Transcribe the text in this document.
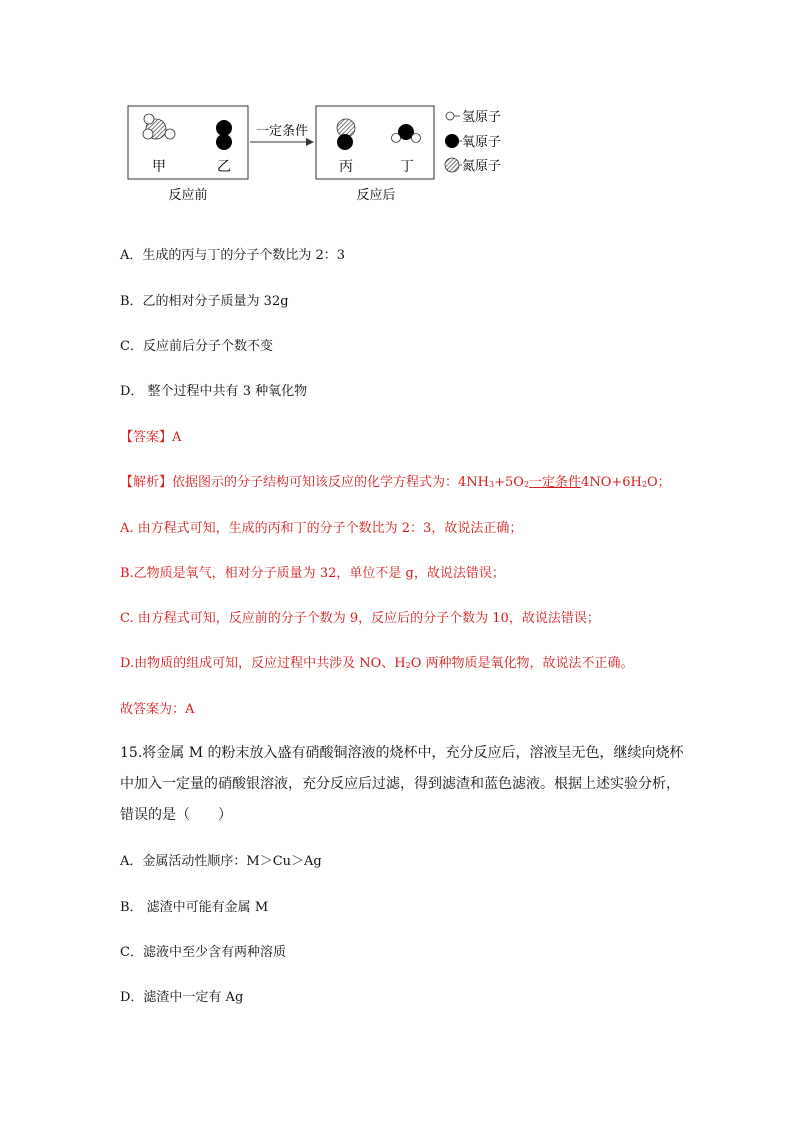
甲	乙
一定条件
丙	丁
反应前	反应后
氢原子
氧原子
氮原子
A．生成的丙与丁的分子个数比为 2：3
B．乙的相对分子质量为 32g
C．反应前后分子个数不变
D． 整个过程中共有 3 种氧化物
【答案】A
【解析】依据图示的分子结构可知该反应的化学方程式为：4NH3+5O2一定条件4NO+6H2O；
A. 由方程式可知，生成的丙和丁的分子个数比为 2：3，故说法正确；
B.乙物质是氧气，相对分子质量为 32，单位不是 g，故说法错误；
C. 由方程式可知，反应前的分子个数为 9，反应后的分子个数为 10，故说法错误；
D.由物质的组成可知，反应过程中共涉及 NO、H2O 两种物质是氧化物，故说法不正确。
故答案为：A
15.将金属 M 的粉末放入盛有硝酸铜溶液的烧杯中，充分反应后，溶液呈无色，继续向烧杯
中加入一定量的硝酸银溶液，充分反应后过滤，得到滤渣和蓝色滤液。根据上述实验分析，
错误的是（　　）
A．金属活动性顺序：M＞Cu＞Ag
B． 滤渣中可能有金属 M
C．滤液中至少含有两种溶质
D．滤渣中一定有 Ag
